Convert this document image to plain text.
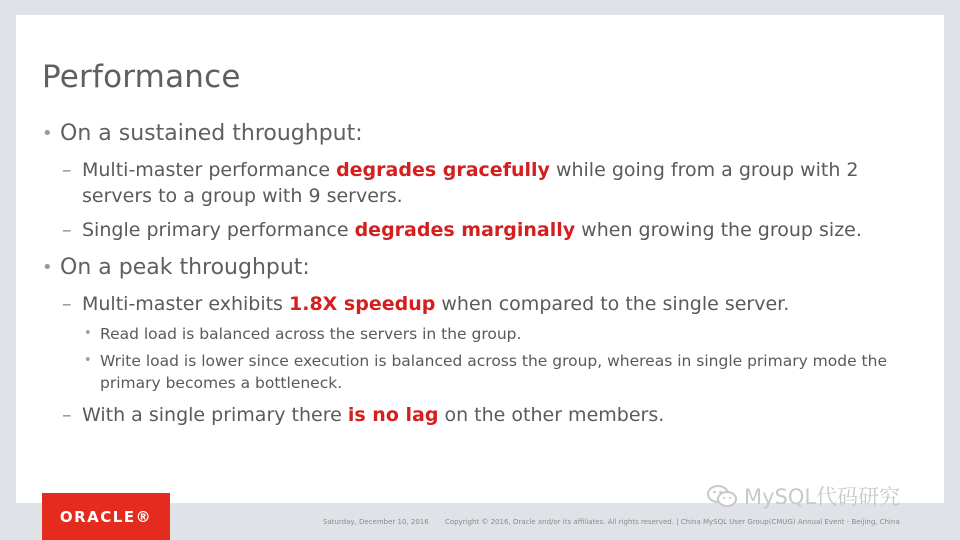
Performance
• On a sustained throughput:
– Multi-master performance degrades gracefully while going from a group with 2 servers to a group with 9 servers.
– Single primary performance degrades marginally when growing the group size.
• On a peak throughput:
– Multi-master exhibits 1.8X speedup when compared to the single server.
• Read load is balanced across the servers in the group.
• Write load is lower since execution is balanced across the group, whereas in single primary mode the primary becomes a bottleneck.
– With a single primary there is no lag on the other members.
ORACLE®	Saturday, December 10, 2016 Copyright © 2016, Oracle and/or its affiliates. All rights reserved. | China MySQL User Group(CMUG) Annual Event - Beijing, China
MySQL代码研究
